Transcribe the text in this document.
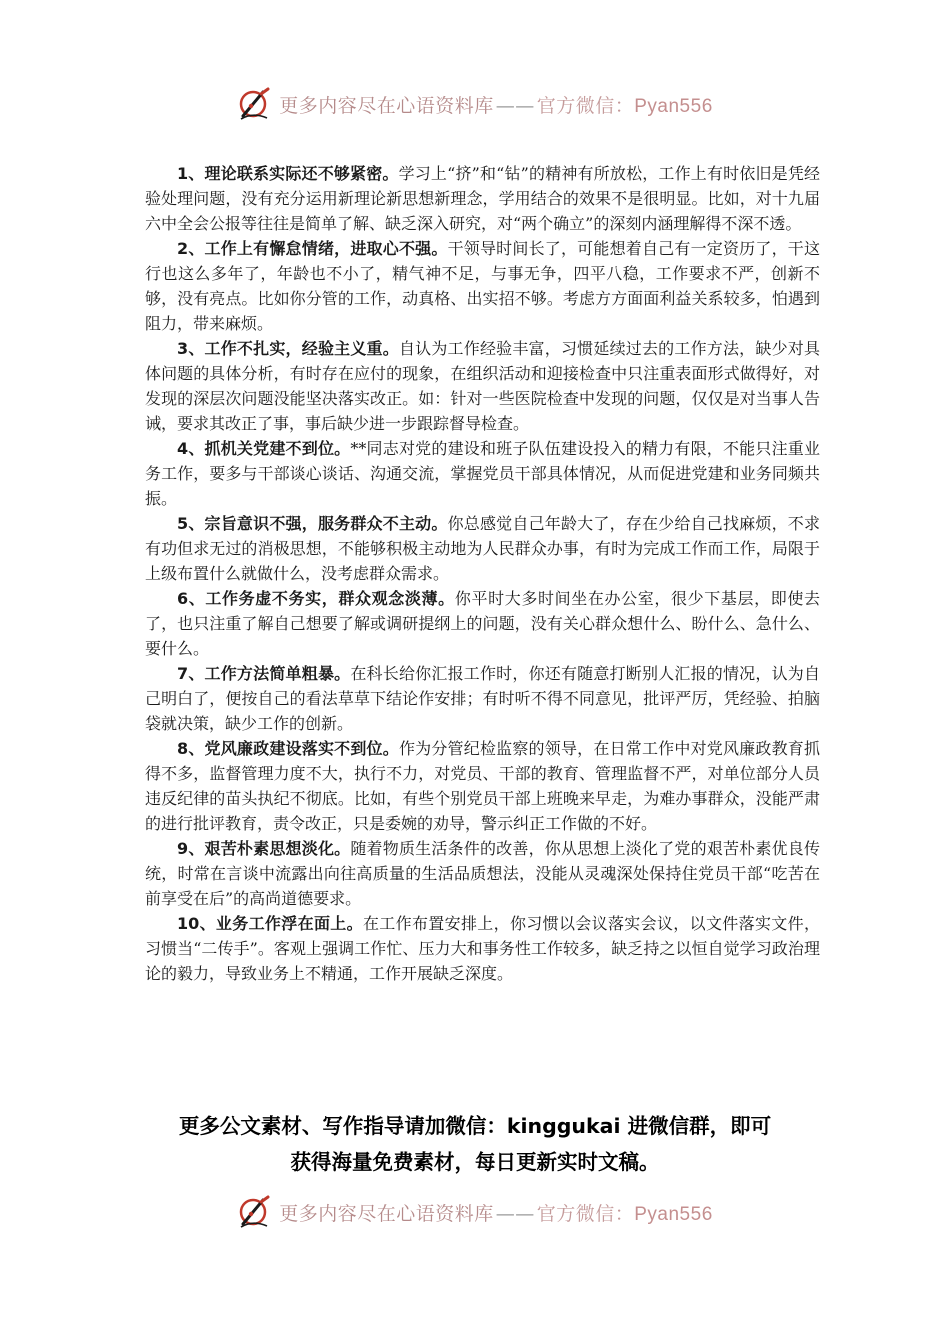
更多内容尽在心语资料库 —— 官方微信：Pyan556

1、理论联系实际还不够紧密。学习上“挤”和“钻”的精神有所放松，工作上有时依旧是凭经验处理问题，没有充分运用新理论新思想新理念，学用结合的效果不是很明显。比如，对十九届六中全会公报等往往是简单了解、缺乏深入研究，对“两个确立”的深刻内涵理解得不深不透。

2、工作上有懈怠情绪，进取心不强。干领导时间长了，可能想着自己有一定资历了，干这行也这么多年了，年龄也不小了，精气神不足，与事无争，四平八稳，工作要求不严，创新不够，没有亮点。比如你分管的工作，动真格、出实招不够。考虑方方面面利益关系较多，怕遇到阻力，带来麻烦。

3、工作不扎实，经验主义重。自认为工作经验丰富，习惯延续过去的工作方法，缺少对具体问题的具体分析，有时存在应付的现象，在组织活动和迎接检查中只注重表面形式做得好，对发现的深层次问题没能坚决落实改正。如：针对一些医院检查中发现的问题，仅仅是对当事人告诫，要求其改正了事，事后缺少进一步跟踪督导检查。

4、抓机关党建不到位。**同志对党的建设和班子队伍建设投入的精力有限，不能只注重业务工作，要多与干部谈心谈话、沟通交流，掌握党员干部具体情况，从而促进党建和业务同频共振。

5、宗旨意识不强，服务群众不主动。你总感觉自己年龄大了，存在少给自己找麻烦，不求有功但求无过的消极思想，不能够积极主动地为人民群众办事，有时为完成工作而工作，局限于上级布置什么就做什么，没考虑群众需求。

6、工作务虚不务实，群众观念淡薄。你平时大多时间坐在办公室，很少下基层，即使去了，也只注重了解自己想要了解或调研提纲上的问题，没有关心群众想什么、盼什么、急什么、要什么。

7、工作方法简单粗暴。在科长给你汇报工作时，你还有随意打断别人汇报的情况，认为自己明白了，便按自己的看法草草下结论作安排；有时听不得不同意见，批评严厉，凭经验、拍脑袋就决策，缺少工作的创新。

8、党风廉政建设落实不到位。作为分管纪检监察的领导，在日常工作中对党风廉政教育抓得不多，监督管理力度不大，执行不力，对党员、干部的教育、管理监督不严，对单位部分人员违反纪律的苗头执纪不彻底。比如，有些个别党员干部上班晚来早走，为难办事群众，没能严肃的进行批评教育，责令改正，只是委婉的劝导，警示纠正工作做的不好。

9、艰苦朴素思想淡化。随着物质生活条件的改善，你从思想上淡化了党的艰苦朴素优良传统，时常在言谈中流露出向往高质量的生活品质想法，没能从灵魂深处保持住党员干部“吃苦在前享受在后”的高尚道德要求。

10、业务工作浮在面上。在工作布置安排上，你习惯以会议落实会议，以文件落实文件，习惯当“二传手”。客观上强调工作忙、压力大和事务性工作较多，缺乏持之以恒自觉学习政治理论的毅力，导致业务上不精通，工作开展缺乏深度。

更多公文素材、写作指导请加微信：kinggukai 进微信群，即可
获得海量免费素材，每日更新实时文稿。
更多内容尽在心语资料库 —— 官方微信：Pyan556
